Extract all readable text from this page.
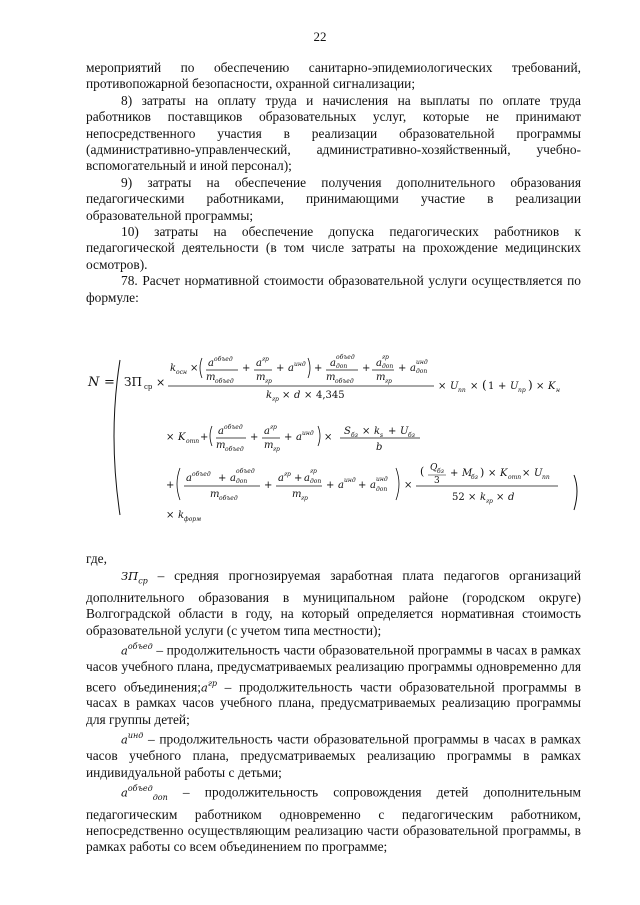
22

мероприятий по обеспечению санитарно-эпидемиологических требований, противопожарной безопасности, охранной сигнализации;

8) затраты на оплату труда и начисления на выплаты по оплате труда работников поставщиков образовательных услуг, которые не принимают непосредственного участия в реализации образовательной программы (административно-управленческий, административно-хозяйственный, учебно-вспомогательный и иной персонал);

9) затраты на обеспечение получения дополнительного образования педагогическими работниками, принимающими участие в реализации образовательной программы;

10) затраты на обеспечение допуска педагогических работников к педагогической деятельности (в том числе затраты на прохождение медицинских осмотров).

78. Расчет нормативной стоимости образовательной услуги осуществляется по формуле:

N = ЗП ср ×
k осн × a объед
m объед
+ a гр
m гр
+ a инд + a
объед
доп
m объед
+ a
гр
доп
m гр
+ a
инд
доп
k гр × d × 4,345
× U пп × ( 1 + U пр ) × K н
× K отп +
a объед
m объед
+
a гр
m гр
+ a инд ×
S бз × k s + U бз
b
+
a объед + a
объед
доп
m объед
+
a гр + a
гр
доп
m гр
+ a инд + a
инд
доп ×
( Q бз
3
+ M
бз ) × K отп × U пп
52 × k гр × d
× k форм
где,

$ЗП_{ср}$ – средняя прогнозируемая заработная плата педагогов организаций дополнительного образования в муниципальном районе (городском округе) Волгоградской области в году, на который определяется нормативная стоимость образовательной услуги (с учетом типа местности);

$a^{объед}$ – продолжительность части образовательной программы в часах в рамках часов учебного плана, предусматриваемых реализацию программы одновременно для всего $объединения;a^{гр}$ – продолжительность части образовательной программы в часах в рамках часов учебного плана, предусматриваемых реализацию программы для группы детей;

$a^{инд}$ – продолжительность части образовательной программы в часах в рамках часов учебного плана, предусматриваемых реализацию программы в рамках индивидуальной работы с детьми;

$a^{объед}_{доп}$ – продолжительность сопровождения детей дополнительным педагогическим работником одновременно с педагогическим работником, непосредственно осуществляющим реализацию части образовательной программы, в рамках работы со всем объединением по программе;
